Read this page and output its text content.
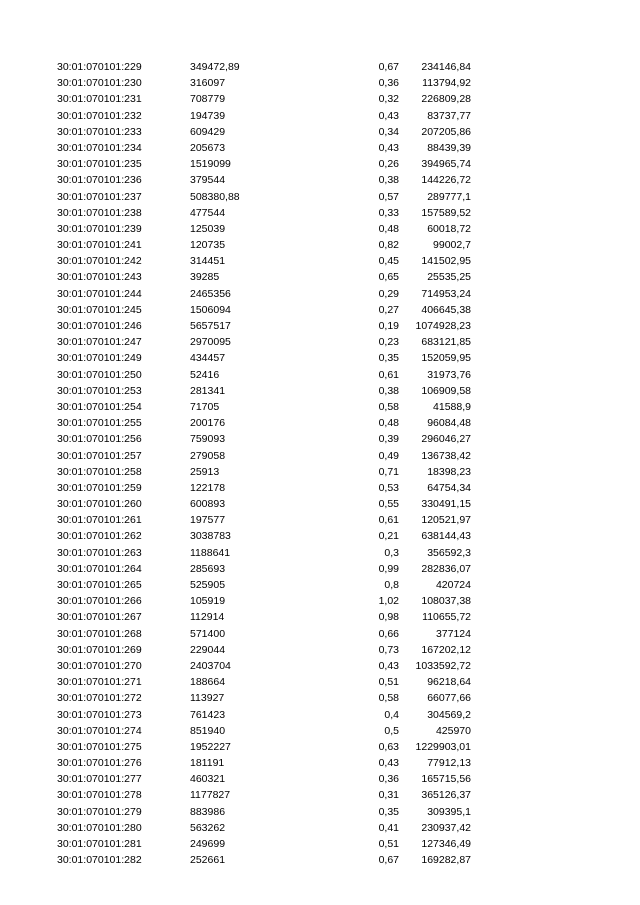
30:01:070101:229	349472,89	0,67	234146,84
30:01:070101:230	316097	0,36	113794,92
30:01:070101:231	708779	0,32	226809,28
30:01:070101:232	194739	0,43	83737,77
30:01:070101:233	609429	0,34	207205,86
30:01:070101:234	205673	0,43	88439,39
30:01:070101:235	1519099	0,26	394965,74
30:01:070101:236	379544	0,38	144226,72
30:01:070101:237	508380,88	0,57	289777,1
30:01:070101:238	477544	0,33	157589,52
30:01:070101:239	125039	0,48	60018,72
30:01:070101:241	120735	0,82	99002,7
30:01:070101:242	314451	0,45	141502,95
30:01:070101:243	39285	0,65	25535,25
30:01:070101:244	2465356	0,29	714953,24
30:01:070101:245	1506094	0,27	406645,38
30:01:070101:246	5657517	0,19	1074928,23
30:01:070101:247	2970095	0,23	683121,85
30:01:070101:249	434457	0,35	152059,95
30:01:070101:250	52416	0,61	31973,76
30:01:070101:253	281341	0,38	106909,58
30:01:070101:254	71705	0,58	41588,9
30:01:070101:255	200176	0,48	96084,48
30:01:070101:256	759093	0,39	296046,27
30:01:070101:257	279058	0,49	136738,42
30:01:070101:258	25913	0,71	18398,23
30:01:070101:259	122178	0,53	64754,34
30:01:070101:260	600893	0,55	330491,15
30:01:070101:261	197577	0,61	120521,97
30:01:070101:262	3038783	0,21	638144,43
30:01:070101:263	1188641	0,3	356592,3
30:01:070101:264	285693	0,99	282836,07
30:01:070101:265	525905	0,8	420724
30:01:070101:266	105919	1,02	108037,38
30:01:070101:267	112914	0,98	110655,72
30:01:070101:268	571400	0,66	377124
30:01:070101:269	229044	0,73	167202,12
30:01:070101:270	2403704	0,43	1033592,72
30:01:070101:271	188664	0,51	96218,64
30:01:070101:272	113927	0,58	66077,66
30:01:070101:273	761423	0,4	304569,2
30:01:070101:274	851940	0,5	425970
30:01:070101:275	1952227	0,63	1229903,01
30:01:070101:276	181191	0,43	77912,13
30:01:070101:277	460321	0,36	165715,56
30:01:070101:278	1177827	0,31	365126,37
30:01:070101:279	883986	0,35	309395,1
30:01:070101:280	563262	0,41	230937,42
30:01:070101:281	249699	0,51	127346,49
30:01:070101:282	252661	0,67	169282,87
